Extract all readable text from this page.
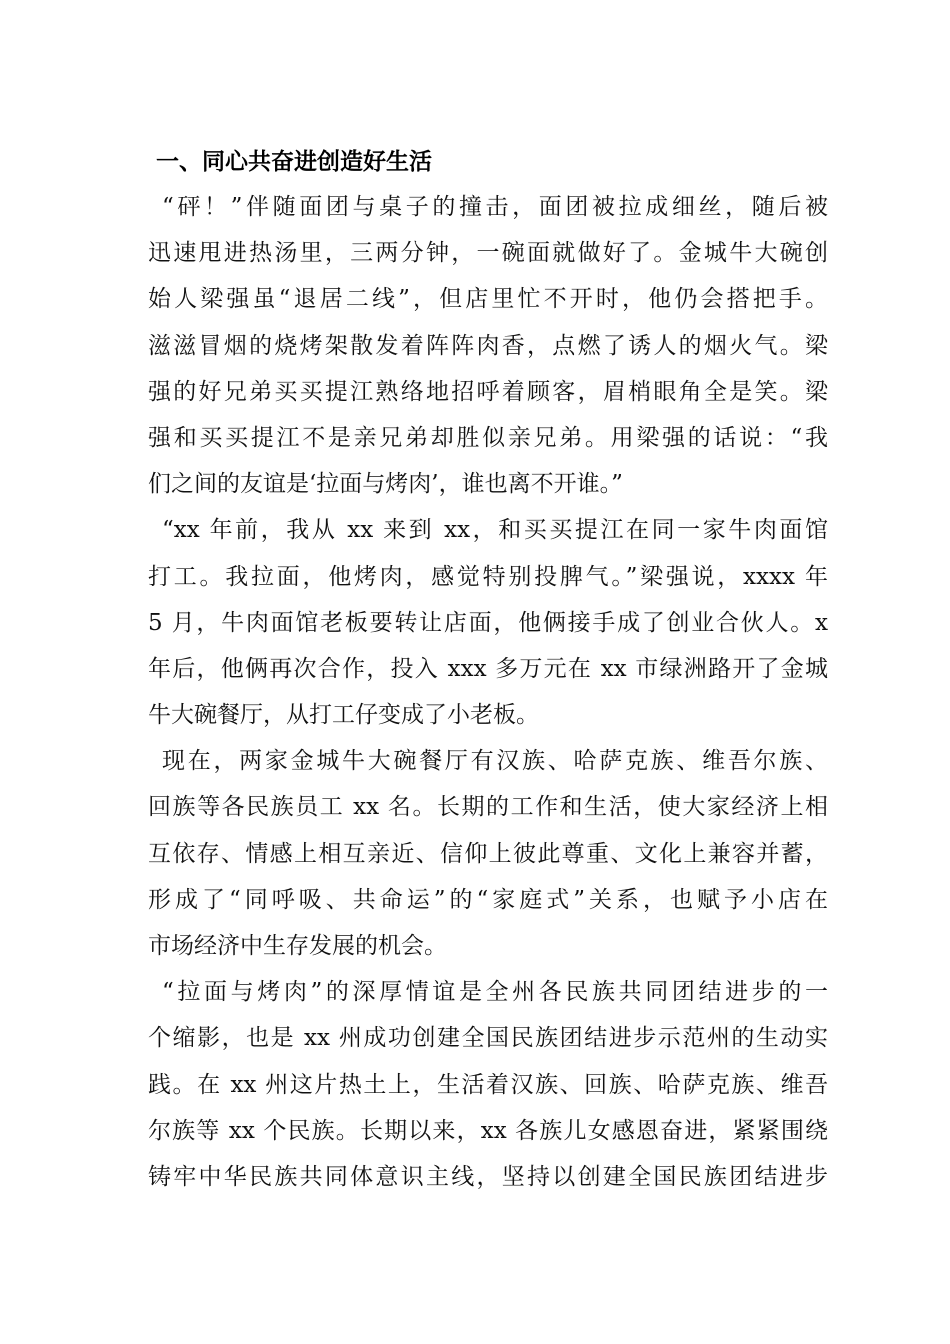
一、同心共奋进创造好生活
“砰！”伴随面团与桌子的撞击，面团被拉成细丝，随后被
迅速甩进热汤里，三两分钟，一碗面就做好了。金城牛大碗创
始人梁强虽“退居二线”，但店里忙不开时，他仍会搭把手。
滋滋冒烟的烧烤架散发着阵阵肉香，点燃了诱人的烟火气。梁
强的好兄弟买买提江熟络地招呼着顾客，眉梢眼角全是笑。梁
强和买买提江不是亲兄弟却胜似亲兄弟。用梁强的话说：“我
们之间的友谊是‘拉面与烤肉’，谁也离不开谁。”
“xx 年前，我从 xx 来到 xx，和买买提江在同一家牛肉面馆
打工。我拉面，他烤肉，感觉特别投脾气。”梁强说，xxxx 年
5 月，牛肉面馆老板要转让店面，他俩接手成了创业合伙人。x
年后，他俩再次合作，投入 xxx 多万元在 xx 市绿洲路开了金城
牛大碗餐厅，从打工仔变成了小老板。
现在，两家金城牛大碗餐厅有汉族、哈萨克族、维吾尔族、
回族等各民族员工 xx 名。长期的工作和生活，使大家经济上相
互依存、情感上相互亲近、信仰上彼此尊重、文化上兼容并蓄，
形成了“同呼吸、共命运”的“家庭式”关系，也赋予小店在
市场经济中生存发展的机会。
“拉面与烤肉”的深厚情谊是全州各民族共同团结进步的一
个缩影，也是 xx 州成功创建全国民族团结进步示范州的生动实
践。在 xx 州这片热土上，生活着汉族、回族、哈萨克族、维吾
尔族等 xx 个民族。长期以来，xx 各族儿女感恩奋进，紧紧围绕
铸牢中华民族共同体意识主线，坚持以创建全国民族团结进步
